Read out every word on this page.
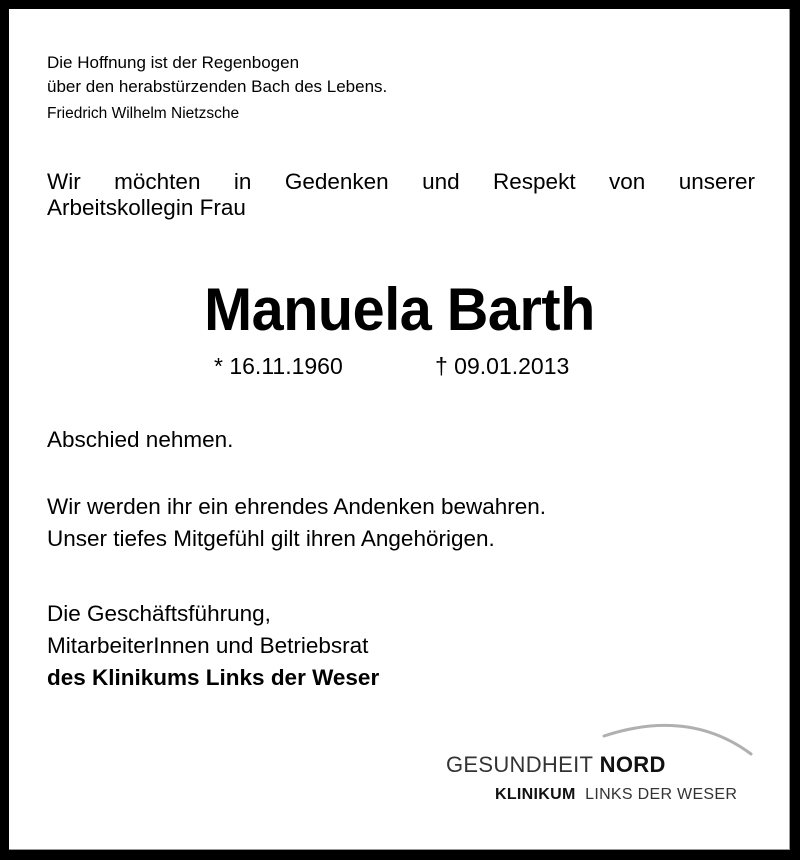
Die Hoffnung ist der Regenbogen
über den herabstürzenden Bach des Lebens.
Friedrich Wilhelm Nietzsche
Wir möchten in Gedenken und Respekt von unserer
Arbeitskollegin Frau
Manuela Barth
* 16.11.1960	† 09.01.2013
Abschied nehmen.
Wir werden ihr ein ehrendes Andenken bewahren.
Unser tiefes Mitgefühl gilt ihren Angehörigen.
Die Geschäftsführung,
MitarbeiterInnen und Betriebsrat
des Klinikums Links der Weser
GESUNDHEIT NORD
KLINIKUM LINKS DER WESER
